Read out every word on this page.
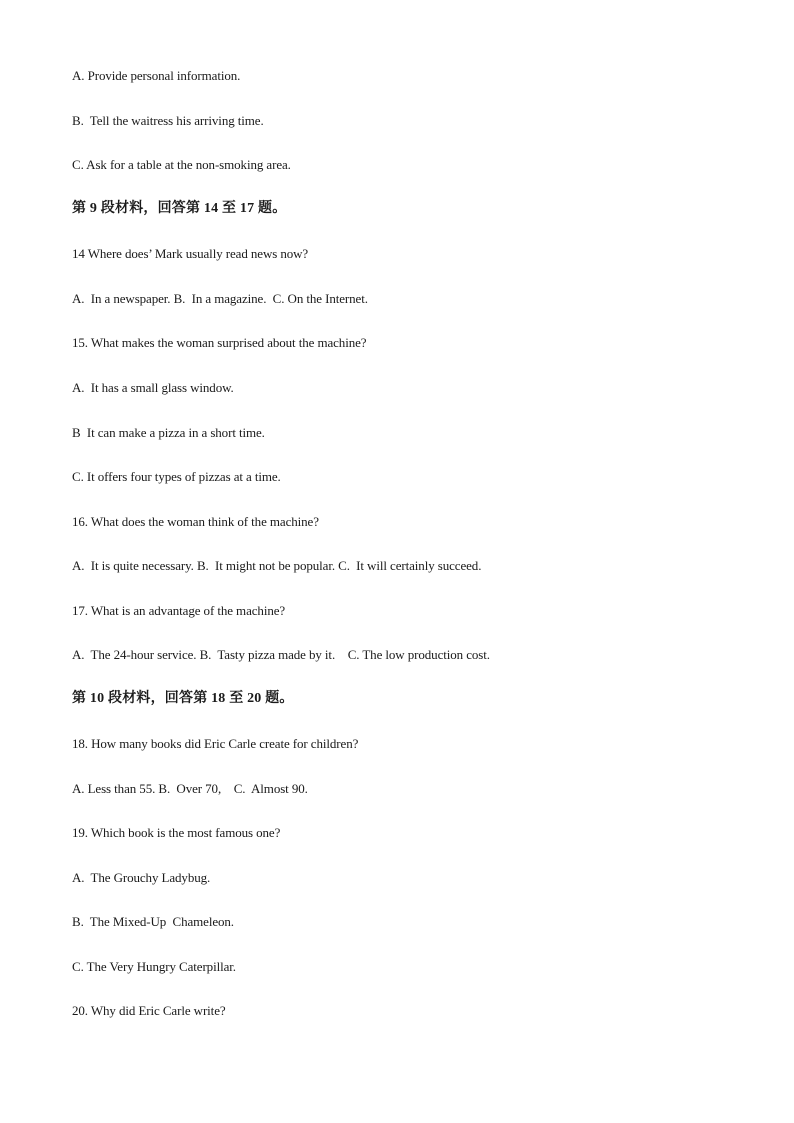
A. Provide personal information.
B.  Tell the waitress his arriving time.
C. Ask for a table at the non-smoking area.
第 9 段材料，回答第 14 至 17 题。
14 Where does’ Mark usually read news now?
A.  In a newspaper. B.  In a magazine.  C. On the Internet.
15. What makes the woman surprised about the machine?
A.  It has a small glass window.
B  It can make a pizza in a short time.
C. It offers four types of pizzas at a time.
16. What does the woman think of the machine?
A.  It is quite necessary. B.  It might not be popular. C.  It will certainly succeed.
17. What is an advantage of the machine?
A.  The 24-hour service. B.  Tasty pizza made by it.    C. The low production cost.
第 10 段材料，回答第 18 至 20 题。
18. How many books did Eric Carle create for children?
A. Less than 55. B.  Over 70,    C.  Almost 90.
19. Which book is the most famous one?
A.  The Grouchy Ladybug.
B.  The Mixed-Up  Chameleon.
C. The Very Hungry Caterpillar.
20. Why did Eric Carle write?
